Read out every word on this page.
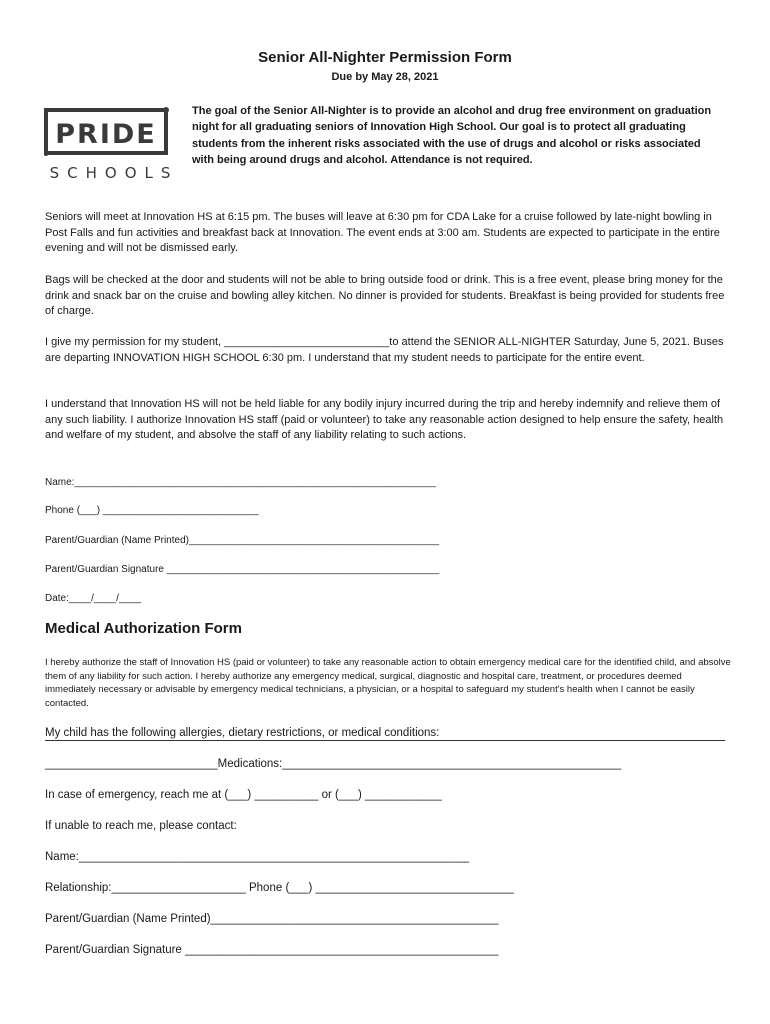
Senior All-Nighter Permission Form
Due by May 28, 2021
PRIDE
SCHOOLS
The goal of the Senior All-Nighter is to provide an alcohol and drug free environment on graduation night for all graduating seniors of Innovation High School. Our goal is to protect all graduating students from the inherent risks associated with the use of drugs and alcohol or risks associated with being around drugs and alcohol. Attendance is not required.

Seniors will meet at Innovation HS at 6:15 pm. The buses will leave at 6:30 pm for CDA Lake for a cruise followed by late-night bowling in Post Falls and fun activities and breakfast back at Innovation. The event ends at 3:00 am. Students are expected to participate in the entire evening and will not be dismissed early.

Bags will be checked at the door and students will not be able to bring outside food or drink. This is a free event, please bring money for the drink and snack bar on the cruise and bowling alley kitchen. No dinner is provided for students. Breakfast is being provided for students free of charge.

I give my permission for my student, ___________________________to attend the SENIOR ALL-NIGHTER Saturday, June 5, 2021. Buses are departing INNOVATION HIGH SCHOOL 6:30 pm. I understand that my student needs to participate for the entire event.

I understand that Innovation HS will not be held liable for any bodily injury incurred during the trip and hereby indemnify and relieve them of any such liability. I authorize Innovation HS staff (paid or volunteer) to take any reasonable action designed to help ensure the safety, health and welfare of my student, and absolve the staff of any liability relating to such actions.

Name:_________________________________________________________________

Phone (___) ____________________________

Parent/Guardian (Name Printed)_____________________________________________

Parent/Guardian Signature _________________________________________________

Date:____/____/____

Medical Authorization Form

I hereby authorize the staff of Innovation HS (paid or volunteer) to take any reasonable action to obtain emergency medical care for the identified child, and absolve them of any liability for such action. I hereby authorize any emergency medical, surgical, diagnostic and hospital care, treatment, or procedures deemed immediately necessary or advisable by emergency medical technicians, a physician, or a hospital to safeguard my student's health when I cannot be easily contacted.

My child has the following allergies, dietary restrictions, or medical conditions:

___________________________Medications:_____________________________________________________

In case of emergency, reach me at (___) __________ or (___) ____________

If unable to reach me, please contact:

Name:_____________________________________________________________

Relationship:_____________________ Phone (___) _______________________________

Parent/Guardian (Name Printed)_____________________________________________

Parent/Guardian Signature _________________________________________________
